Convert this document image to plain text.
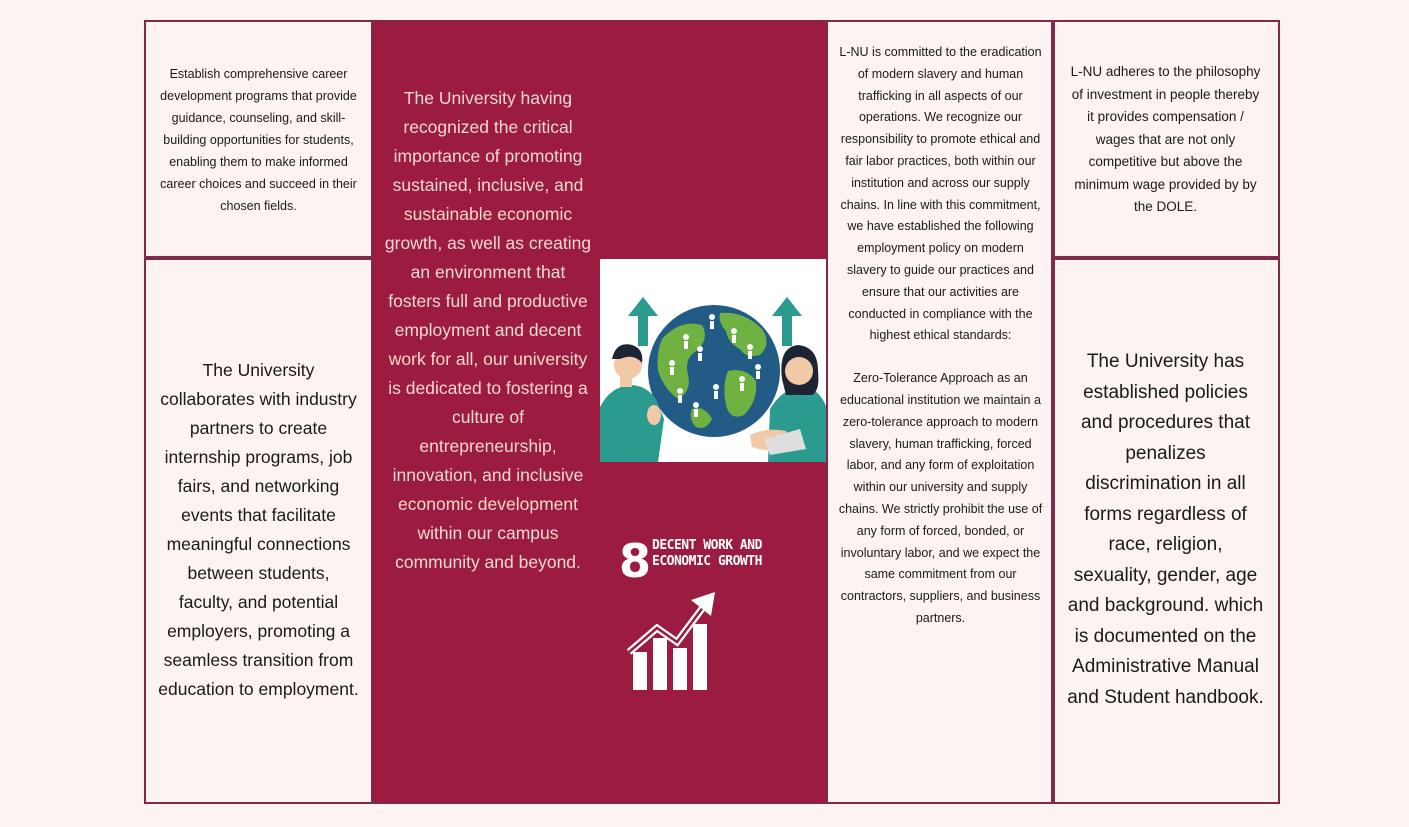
Establish comprehensive career development programs that provide guidance, counseling, and skill-building opportunities for students, enabling them to make informed career choices and succeed in their chosen fields.

The University collaborates with industry partners to create internship programs, job fairs, and networking events that facilitate meaningful connections between students, faculty, and potential employers, promoting a seamless transition from education to employment.

The University having recognized the critical importance of promoting sustained, inclusive, and sustainable economic growth, as well as creating an environment that fosters full and productive employment and decent work for all, our university is dedicated to fostering a culture of entrepreneurship, innovation, and inclusive economic development within our campus community and beyond. 8 DECENT WORK AND
ECONOMIC GROWTH

L-NU is committed to the eradication of modern slavery and human trafficking in all aspects of our operations. We recognize our responsibility to promote ethical and fair labor practices, both within our institution and across our supply chains. In line with this commitment, we have established the following employment policy on modern slavery to guide our practices and ensure that our activities are conducted in compliance with the highest ethical standards:

Zero-Tolerance Approach as an educational institution we maintain a zero-tolerance approach to modern slavery, human trafficking, forced labor, and any form of exploitation within our university and supply chains. We strictly prohibit the use of any form of forced, bonded, or involuntary labor, and we expect the same commitment from our contractors, suppliers, and business partners.

L-NU adheres to the philosophy of investment in people thereby it provides compensation / wages that are not only competitive but above the minimum wage provided by by the DOLE.

The University has established policies and procedures that penalizes discrimination in all forms regardless of race, religion, sexuality, gender, age and background. which is documented on the Administrative Manual and Student handbook.
